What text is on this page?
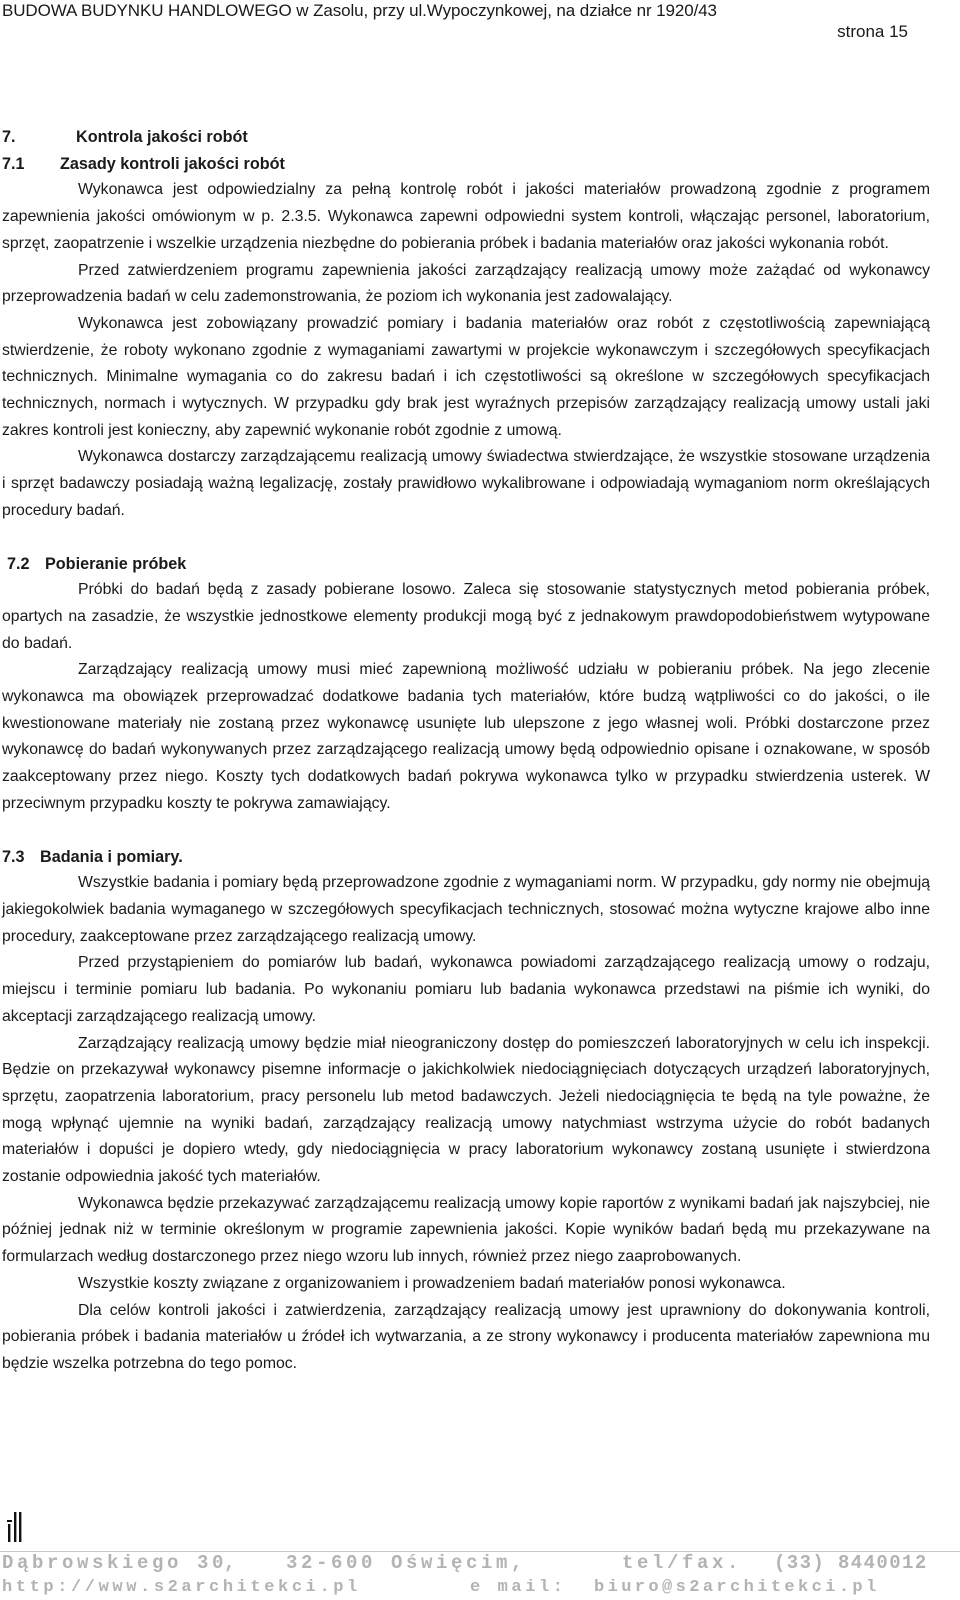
BUDOWA BUDYNKU HANDLOWEGO w Zasolu, przy ul.Wypoczynkowej, na działce nr 1920/43
strona 15
7.	Kontrola jakości robót
7.1	Zasady kontroli jakości robót

Wykonawca jest odpowiedzialny za pełną kontrolę robót i jakości materiałów prowadzoną zgodnie z programem zapewnienia jakości omówionym w p. 2.3.5. Wykonawca zapewni odpowiedni system kontroli, włączając personel, laboratorium, sprzęt, zaopatrzenie i wszelkie urządzenia niezbędne do pobierania próbek i badania materiałów oraz jakości wykonania robót.

Przed zatwierdzeniem programu zapewnienia jakości zarządzający realizacją umowy może zażądać od wykonawcy przeprowadzenia badań w celu zademonstrowania, że poziom ich wykonania jest zadowalający.

Wykonawca jest zobowiązany prowadzić pomiary i badania materiałów oraz robót z częstotliwością zapewniającą stwierdzenie, że roboty wykonano zgodnie z wymaganiami zawartymi w projekcie wykonawczym i szczegółowych specyfikacjach technicznych. Minimalne wymagania co do zakresu badań i ich częstotliwości są określone w szczegółowych specyfikacjach technicznych, normach i wytycznych. W przypadku gdy brak jest wyraźnych przepisów zarządzający realizacją umowy ustali jaki zakres kontroli jest konieczny, aby zapewnić wykonanie robót zgodnie z umową.

Wykonawca dostarczy zarządzającemu realizacją umowy świadectwa stwierdzające, że wszystkie stosowane urządzenia i sprzęt badawczy posiadają ważną legalizację, zostały prawidłowo wykalibrowane i odpowiadają wymaganiom norm określających procedury badań.

7.2 Pobieranie próbek

Próbki do badań będą z zasady pobierane losowo. Zaleca się stosowanie statystycznych metod pobierania próbek, opartych na zasadzie, że wszystkie jednostkowe elementy produkcji mogą być z jednakowym prawdopodobieństwem wytypowane do badań.

Zarządzający realizacją umowy musi mieć zapewnioną możliwość udziału w pobieraniu próbek. Na jego zlecenie wykonawca ma obowiązek przeprowadzać dodatkowe badania tych materiałów, które budzą wątpliwości co do jakości, o ile kwestionowane materiały nie zostaną przez wykonawcę usunięte lub ulepszone z jego własnej woli. Próbki dostarczone przez wykonawcę do badań wykonywanych przez zarządzającego realizacją umowy będą odpowiednio opisane i oznakowane, w sposób zaakceptowany przez niego. Koszty tych dodatkowych badań pokrywa wykonawca tylko w przypadku stwierdzenia usterek. W przeciwnym przypadku koszty te pokrywa zamawiający.

7.3 Badania i pomiary.

Wszystkie badania i pomiary będą przeprowadzone zgodnie z wymaganiami norm. W przypadku, gdy normy nie obejmują jakiegokolwiek badania wymaganego w szczegółowych specyfikacjach technicznych, stosować można wytyczne krajowe albo inne procedury, zaakceptowane przez zarządzającego realizacją umowy.

Przed przystąpieniem do pomiarów lub badań, wykonawca powiadomi zarządzającego realizacją umowy o rodzaju, miejscu i terminie pomiaru lub badania. Po wykonaniu pomiaru lub badania wykonawca przedstawi na piśmie ich wyniki, do akceptacji zarządzającego realizacją umowy.

Zarządzający realizacją umowy będzie miał nieograniczony dostęp do pomieszczeń laboratoryjnych w celu ich inspekcji. Będzie on przekazywał wykonawcy pisemne informacje o jakichkolwiek niedociągnięciach dotyczących urządzeń laboratoryjnych, sprzętu, zaopatrzenia laboratorium, pracy personelu lub metod badawczych. Jeżeli niedociągnięcia te będą na tyle poważne, że mogą wpłynąć ujemnie na wyniki badań, zarządzający realizacją umowy natychmiast wstrzyma użycie do robót badanych materiałów i dopuści je dopiero wtedy, gdy niedociągnięcia w pracy laboratorium wykonawcy zostaną usunięte i stwierdzona zostanie odpowiednia jakość tych materiałów.

Wykonawca będzie przekazywać zarządzającemu realizacją umowy kopie raportów z wynikami badań jak najszybciej, nie później jednak niż w terminie określonym w programie zapewnienia jakości. Kopie wyników badań będą mu przekazywane na formularzach według dostarczonego przez niego wzoru lub innych, również przez niego zaaprobowanych.

Wszystkie koszty związane z organizowaniem i prowadzeniem badań materiałów ponosi wykonawca.

Dla celów kontroli jakości i zatwierdzenia, zarządzający realizacją umowy jest uprawniony do dokonywania kontroli, pobierania próbek i badania materiałów u źródeł ich wytwarzania, a ze strony wykonawcy i producenta materiałów zapewniona mu będzie wszelka potrzebna do tego pomoc.

Dąbrowskiego 30
, 32-600 Oświęcim,	tel/fax. (33) 8440012
http://www.s2architekci.pl	e mail: biuro@s2architekci.pl
